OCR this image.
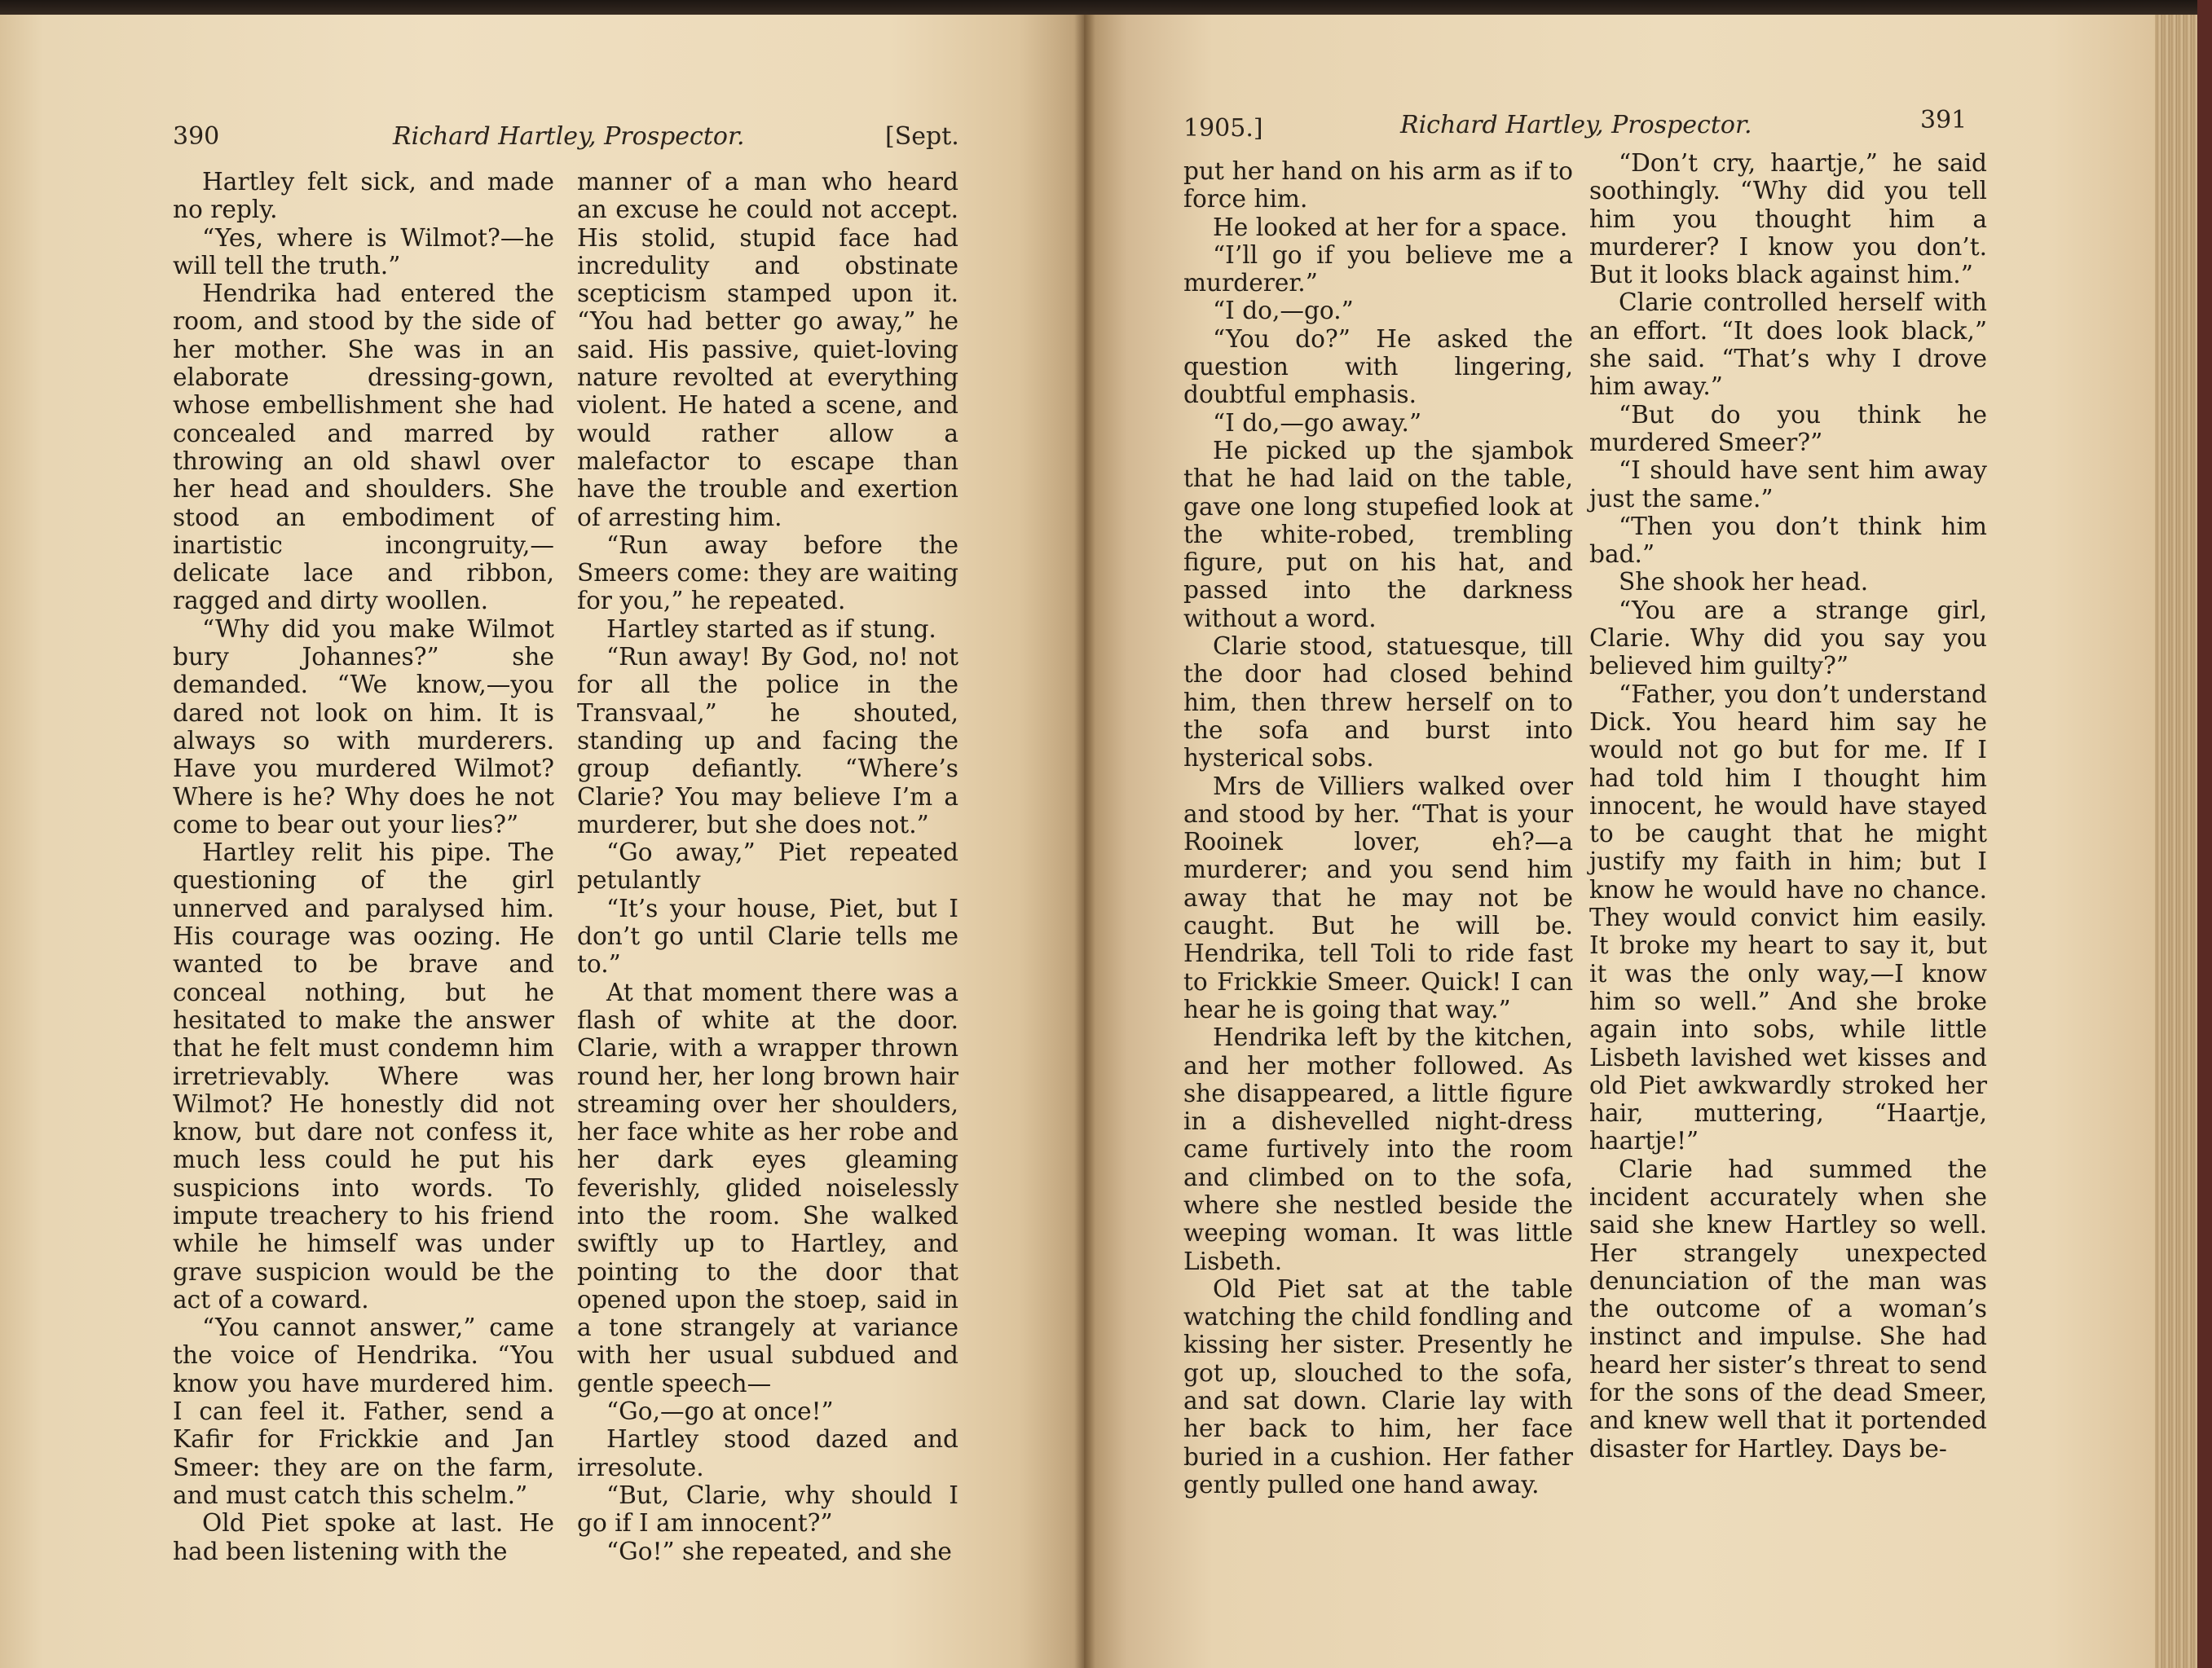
390	Richard Hartley, Prospector.	[Sept.	1905.]	Richard Hartley, Prospector.	391

Hartley felt sick, and made no reply.

“Yes, where is Wilmot?—he will tell the truth.”

Hendrika had entered the room, and stood by the side of her mother. She was in an elaborate dressing-gown, whose embellishment she had concealed and marred by throwing an old shawl over her head and shoulders. She stood an embodiment of inartistic incongruity,—delicate lace and ribbon, ragged and dirty woollen.

“Why did you make Wilmot bury Johannes?” she demanded. “We know,—you dared not look on him. It is always so with murderers. Have you murdered Wilmot? Where is he? Why does he not come to bear out your lies?”

Hartley relit his pipe. The questioning of the girl unnerved and paralysed him. His courage was oozing. He wanted to be brave and conceal nothing, but he hesitated to make the answer that he felt must condemn him irretrievably. Where was Wilmot? He honestly did not know, but dare not confess it, much less could he put his suspicions into words. To impute treachery to his friend while he himself was under grave suspicion would be the act of a coward.

“You cannot answer,” came the voice of Hendrika. “You know you have murdered him. I can feel it. Father, send a Kafir for Frickkie and Jan Smeer: they are on the farm, and must catch this schelm.”

Old Piet spoke at last. He had been listening with the

manner of a man who heard an excuse he could not accept. His stolid, stupid face had incredulity and obstinate scepticism stamped upon it. “You had better go away,” he said. His passive, quiet-loving nature revolted at everything violent. He hated a scene, and would rather allow a malefactor to escape than have the trouble and exertion of arresting him.

“Run away before the Smeers come: they are waiting for you,” he repeated.

Hartley started as if stung.

“Run away! By God, no! not for all the police in the Transvaal,” he shouted, standing up and facing the group defiantly. “Where’s Clarie? You may believe I’m a murderer, but she does not.”

“Go away,” Piet repeated petulantly

“It’s your house, Piet, but I don’t go until Clarie tells me to.”

At that moment there was a flash of white at the door. Clarie, with a wrapper thrown round her, her long brown hair streaming over her shoulders, her face white as her robe and her dark eyes gleaming feverishly, glided noiselessly into the room. She walked swiftly up to Hartley, and pointing to the door that opened upon the stoep, said in a tone strangely at variance with her usual subdued and gentle speech—

“Go,—go at once!”

Hartley stood dazed and irresolute.

“But, Clarie, why should I go if I am innocent?”

“Go!” she repeated, and she

put her hand on his arm as if to force him.

He looked at her for a space.

“I’ll go if you believe me a murderer.”

“I do,—go.”

“You do?” He asked the question with lingering, doubtful emphasis.

“I do,—go away.”

He picked up the sjambok that he had laid on the table, gave one long stupefied look at the white-robed, trembling figure, put on his hat, and passed into the darkness without a word.

Clarie stood, statuesque, till the door had closed behind him, then threw herself on to the sofa and burst into hysterical sobs.

Mrs de Villiers walked over and stood by her. “That is your Rooinek lover, eh?—a murderer; and you send him away that he may not be caught. But he will be. Hendrika, tell Toli to ride fast to Frickkie Smeer. Quick! I can hear he is going that way.”

Hendrika left by the kitchen, and her mother followed. As she disappeared, a little figure in a dishevelled night-dress came furtively into the room and climbed on to the sofa, where she nestled beside the weeping woman. It was little Lisbeth.

Old Piet sat at the table watching the child fondling and kissing her sister. Presently he got up, slouched to the sofa, and sat down. Clarie lay with her back to him, her face buried in a cushion. Her father gently pulled one hand away.

“Don’t cry, haartje,” he said soothingly. “Why did you tell him you thought him a murderer? I know you don’t. But it looks black against him.”

Clarie controlled herself with an effort. “It does look black,” she said. “That’s why I drove him away.”

“But do you think he murdered Smeer?”

“I should have sent him away just the same.”

“Then you don’t think him bad.”

She shook her head.

“You are a strange girl, Clarie. Why did you say you believed him guilty?”

“Father, you don’t understand Dick. You heard him say he would not go but for me. If I had told him I thought him innocent, he would have stayed to be caught that he might justify my faith in him; but I know he would have no chance. They would convict him easily. It broke my heart to say it, but it was the only way,—I know him so well.” And she broke again into sobs, while little Lisbeth lavished wet kisses and old Piet awkwardly stroked her hair, muttering, “Haartje, haartje!”

Clarie had summed the incident accurately when she said she knew Hartley so well. Her strangely unexpected denunciation of the man was the outcome of a woman’s instinct and impulse. She had heard her sister’s threat to send for the sons of the dead Smeer, and knew well that it portended disaster for Hartley. Days be-
